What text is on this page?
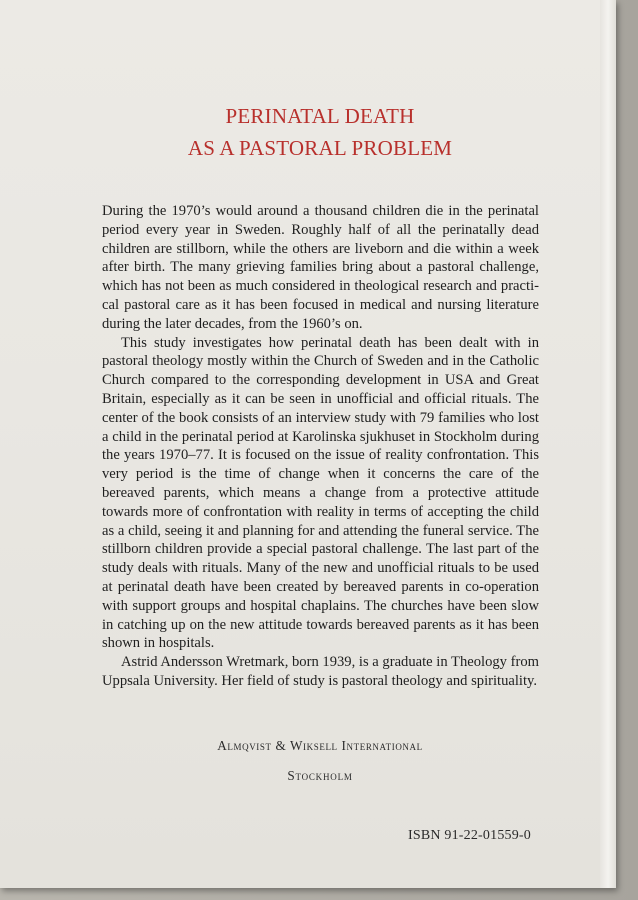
PERINATAL DEATH
AS A PASTORAL PROBLEM

During the 1970’s would around a thousand children die in the perinatal period every year in Sweden. Roughly half of all the perinatally dead children are stillborn, while the others are liveborn and die within a week after birth. The many grieving families bring about a pastoral challenge, which has not been as much considered in theological research and practical pastoral care as it has been focused in medical and nursing literature during the later decades, from the 1960’s on.

This study investigates how perinatal death has been dealt with in pastoral theology mostly within the Church of Sweden and in the Catholic Church compared to the corresponding development in USA and Great Britain, especially as it can be seen in unofficial and official rituals. The center of the book consists of an interview study with 79 families who lost a child in the perinatal period at Karolinska sjukhuset in Stockholm during the years 1970–77. It is focused on the issue of reality confrontation. This very period is the time of change when it concerns the care of the bereaved parents, which means a change from a protective attitude towards more of confrontation with reality in terms of accepting the child as a child, seeing it and planning for and attending the funeral service. The stillborn children provide a special pastoral challenge. The last part of the study deals with rituals. Many of the new and unofficial rituals to be used at perinatal death have been created by bereaved parents in co-operation with support groups and hospital chaplains. The churches have been slow in catching up on the new attitude towards bereaved parents as it has been shown in hospitals.

Astrid Andersson Wretmark, born 1939, is a graduate in Theology from Uppsala University. Her field of study is pastoral theology and spirituality.

Almqvist & Wiksell International
Stockholm
ISBN 91-22-01559-0
